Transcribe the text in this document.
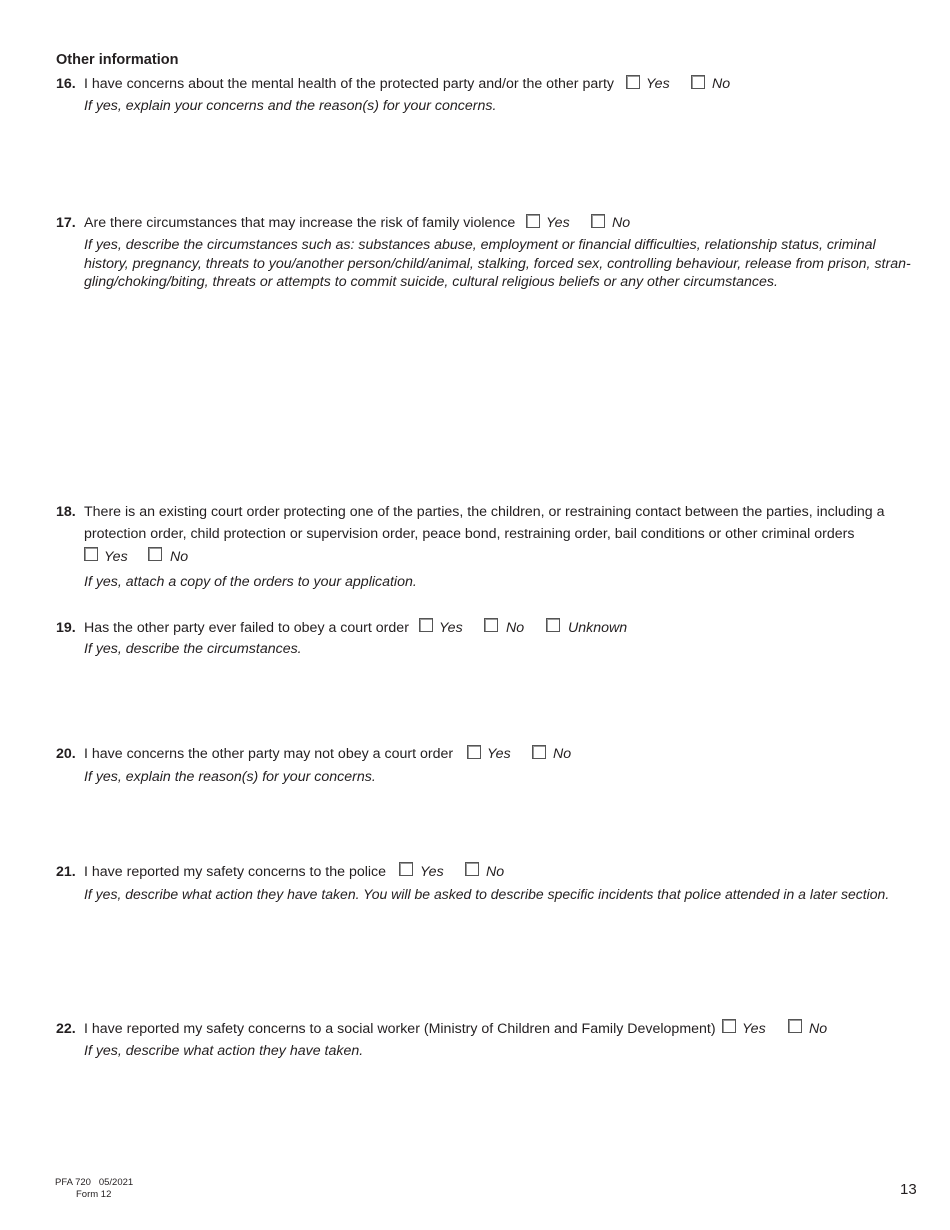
Other information
16. I have concerns about the mental health of the protected party and/or the other party Yes	No
If yes, explain your concerns and the reason(s) for your concerns.
17. Are there circumstances that may increase the risk of family violence Yes	No
If yes, describe the circumstances such as: substances abuse, employment or financial difficulties, relationship status, criminal
history, pregnancy, threats to you/another person/child/animal, stalking, forced sex, controlling behaviour, release from prison, stran-
gling/choking/biting, threats or attempts to commit suicide, cultural religious beliefs or any other circumstances.
18. There is an existing court order protecting one of the parties, the children, or restraining contact between the parties, including a
protection order, child protection or supervision order, peace bond, restraining order, bail conditions or other criminal orders
Yes	No
If yes, attach a copy of the orders to your application.
19. Has the other party ever failed to obey a court order Yes	No	Unknown
If yes, describe the circumstances.
20. I have concerns the other party may not obey a court order Yes	No
If yes, explain the reason(s) for your concerns.
21. I have reported my safety concerns to the police Yes	No
If yes, describe what action they have taken. You will be asked to describe specific incidents that police attended in a later section.
22. I have reported my safety concerns to a social worker (Ministry of Children and Family Development) Yes	No
If yes, describe what action they have taken.
PFA 720   05/2021
Form 12	13
